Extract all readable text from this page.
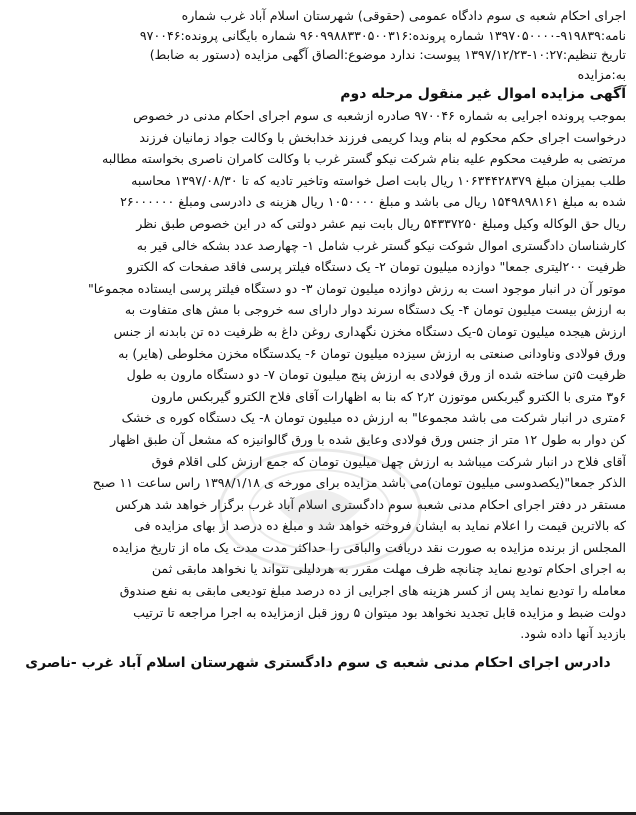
اجرای احکام شعبه ی سوم دادگاه عمومی (حقوقی) شهرستان اسلام آباد غرب شماره

نامه:۹۱۹۸۳۹-۱۳۹۷۰۵۰۰۰۰ شماره پرونده:۹۶۰۹۹۸۸۳۳۰۵۰۰۳۱۶ شماره بایگانی پرونده:۹۷۰۰۴۶

تاریخ تنظیم:۱۰:۲۷-۱۳۹۷/۱۲/۲۳ پیوست: ندارد موضوع:الصاق آگهی مزایده (دستور به ضابط)

به:مزایده

آگهی مزایده اموال غیر منقول مرحله دوم

بموجب پرونده اجرایی به شماره ۹۷۰۰۴۶ صادره ازشعبه ی سوم اجرای احکام مدنی در خصوص

درخواست اجرای حکم محکوم له بنام ویدا کریمی فرزند خدابخش با وکالت جواد زمانیان فرزند

مرتضی به طرفیت محکوم علیه بنام شرکت نیکو گستر غرب با وکالت کامران ناصری بخواسته مطالبه

طلب بمیزان مبلغ ۱۰۶۳۴۴۲۸۳۷۹ ریال بابت اصل خواسته وتاخیر تادیه که تا ۱۳۹۷/۰۸/۳۰ محاسبه

شده به مبلغ ۱۵۴۹۸۹۸۱۶۱ ریال می باشد و مبلغ ۱۰۵۰۰۰۰ ریال هزینه ی دادرسی ومبلغ ۲۶۰۰۰۰۰۰

ریال حق الوکاله وکیل ومبلغ ۵۴۳۳۷۲۵۰ ریال بابت نیم عشر دولتی که در این خصوص طبق نظر

کارشناسان دادگستری اموال شوکت نیکو گستر غرب شامل ۱- چهارصد عدد بشکه خالی قیر به

ظرفیت ۲۰۰لیتری جمعا" دوازده میلیون تومان ۲- یک دستگاه فیلتر پرسی فاقد صفحات که الکترو

موتور آن در انبار موجود است به رزش دوازده میلیون تومان ۳- دو دستگاه فیلتر پرسی ایستاده مجموعا"

به ارزش بیست میلیون تومان ۴- یک دستگاه سرند دوار دارای سه خروجی با مش های متفاوت به

ارزش هیجده میلیون تومان ۵-یک دستگاه مخزن نگهداری روغن داغ به ظرفیت ده تن بابدنه از جنس

ورق فولادی وناودانی صنعتی به ارزش سیزده میلیون تومان ۶- یکدستگاه مخزن مخلوطی (هایر) به

ظرفیت ۵تن ساخته شده از ورق فولادی به ارزش پنج میلیون تومان ۷- دو دستگاه مارون به طول

۶و۳ متری با الکترو گیربکس موتوزن ۲٫۲ که بنا به اظهارات آقای فلاح الکترو گیربکس مارون

۶متری در انبار شرکت می باشد مجموعا" به ارزش ده میلیون تومان ۸- یک دستگاه کوره ی خشک

کن دوار به طول ۱۲ متر از جنس ورق فولادی وعایق شده با ورق گالوانیزه که مشعل آن طبق اظهار

آقای فلاح در انبار شرکت میباشد به ارزش چهل میلیون تومان که جمع ارزش کلی اقلام فوق

الذکر جمعا"(یکصدوسی میلیون تومان)می باشد مزایده برای مورخه ی ۱۳۹۸/۱/۱۸ راس ساعت ۱۱ صبح

مستقر در دفتر اجرای احکام مدنی شعبه سوم دادگستری اسلام آباد غرب برگزار خواهد شد هرکس

که بالاترین قیمت را اعلام نماید به ایشان فروخته خواهد شد و مبلغ ده درصد از بهای مزایده فی

المجلس از برنده مزایده به صورت نقد دریافت والباقی را حداکثر مدت مدت یک ماه از تاریخ مزایده

به اجرای احکام تودیع نماید چنانچه ظرف مهلت مقرر به هردلیلی نتواند یا نخواهد مابقی ثمن

معامله را تودیع نماید پس از کسر هزینه های اجرایی از ده درصد مبلغ تودیعی مابقی به نفع صندوق

دولت ضبط و مزایده قابل تجدید نخواهد بود میتوان ۵ روز قبل ازمزایده به اجرا مراجعه تا ترتیب

بازدید آنها داده شود.

دادرس اجرای احکام مدنی شعبه ی سوم دادگستری شهرستان اسلام آباد غرب -ناصری
